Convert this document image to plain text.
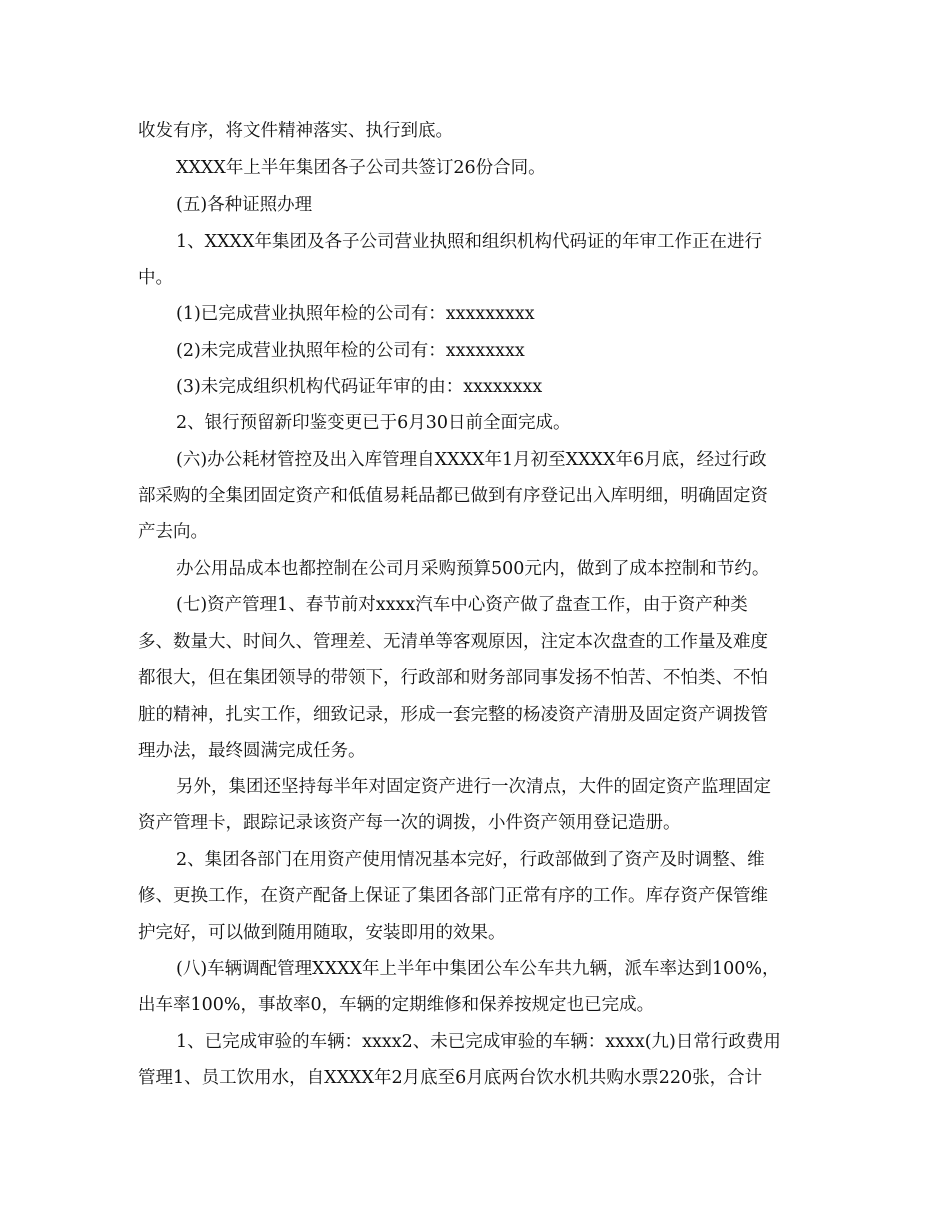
收发有序，将文件精神落实、执行到底。
XXXX年上半年集团各子公司共签订26份合同。
(五)各种证照办理
1、XXXX年集团及各子公司营业执照和组织机构代码证的年审工作正在进行
中。
(1)已完成营业执照年检的公司有：xxxxxxxxx
(2)未完成营业执照年检的公司有：xxxxxxxx
(3)未完成组织机构代码证年审的由：xxxxxxxx
2、银行预留新印鉴变更已于6月30日前全面完成。
(六)办公耗材管控及出入库管理自XXXX年1月初至XXXX年6月底，经过行政
部采购的全集团固定资产和低值易耗品都已做到有序登记出入库明细，明确固定资
产去向。
办公用品成本也都控制在公司月采购预算500元内，做到了成本控制和节约。
(七)资产管理1、春节前对xxxx汽车中心资产做了盘查工作，由于资产种类
多、数量大、时间久、管理差、无清单等客观原因，注定本次盘查的工作量及难度
都很大，但在集团领导的带领下，行政部和财务部同事发扬不怕苦、不怕类、不怕
脏的精神，扎实工作，细致记录，形成一套完整的杨凌资产清册及固定资产调拨管
理办法，最终圆满完成任务。
另外，集团还坚持每半年对固定资产进行一次清点，大件的固定资产监理固定
资产管理卡，跟踪记录该资产每一次的调拨，小件资产领用登记造册。
2、集团各部门在用资产使用情况基本完好，行政部做到了资产及时调整、维
修、更换工作，在资产配备上保证了集团各部门正常有序的工作。库存资产保管维
护完好，可以做到随用随取，安装即用的效果。
(八)车辆调配管理XXXX年上半年中集团公车公车共九辆，派车率达到100%，
出车率100%，事故率0，车辆的定期维修和保养按规定也已完成。
1、已完成审验的车辆：xxxx2、未已完成审验的车辆：xxxx(九)日常行政费用
管理1、员工饮用水，自XXXX年2月底至6月底两台饮水机共购水票220张，合计
